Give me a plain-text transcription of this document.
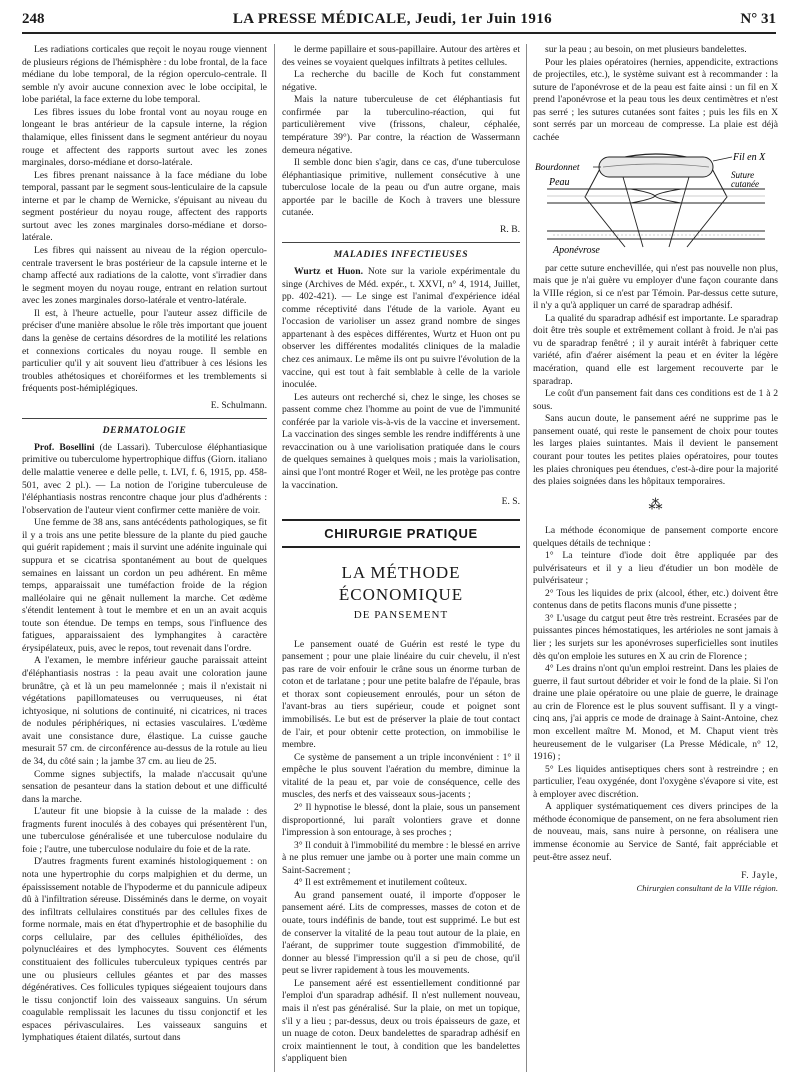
248	LA PRESSE MÉDICALE, Jeudi, 1er Juin 1916	N° 31

Les radiations corticales que reçoit le noyau rouge viennent de plusieurs régions de l'hémisphère : du lobe frontal, de la face médiane du lobe temporal, de la région operculo-centrale. Il semble n'y avoir aucune connexion avec le lobe occipital, le lobe pariétal, la face externe du lobe temporal.

Les fibres issues du lobe frontal vont au noyau rouge en longeant le bras antérieur de la capsule interne, la région thalamique, elles finissent dans le segment antérieur du noyau rouge et affectent des rapports surtout avec les zones marginales, dorso-médiane et dorso-latérale.

Les fibres prenant naissance à la face médiane du lobe temporal, passant par le segment sous-lenticulaire de la capsule interne et par le champ de Wernicke, s'épuisant au niveau du segment postérieur du noyau rouge, affectent des rapports surtout avec les zones marginales dorso-médiane et dorso-latérale.

Les fibres qui naissent au niveau de la région operculo-centrale traversent le bras postérieur de la capsule interne et le champ affecté aux radiations de la calotte, vont s'irradier dans le segment moyen du noyau rouge, entrant en relation surtout avec les zones marginales dorso-latérale et ventro-latérale.

Il est, à l'heure actuelle, pour l'auteur assez difficile de préciser d'une manière absolue le rôle très important que jouent dans la genèse de certains désordres de la motilité les relations et connexions corticales du noyau rouge. Il semble en particulier qu'il y ait souvent lieu d'attribuer à ces lésions les troubles athétosiques et choréiformes et les tremblements si fréquents post-hémiplégiques.

E. Schulmann.
DERMATOLOGIE

Prof. Bosellini (de Lassari). Tuberculose éléphantiasique primitive ou tuberculome hypertrophique diffus (Giorn. italiano delle malattie veneree e delle pelle, t. LVI, f. 6, 1915, pp. 458-501, avec 2 pl.). — La notion de l'origine tuberculeuse de l'éléphantiasis nostras rencontre chaque jour plus d'adhérents : l'observation de l'auteur vient confirmer cette manière de voir.

Une femme de 38 ans, sans antécédents pathologiques, se fit il y a trois ans une petite blessure de la plante du pied gauche qui guérit rapidement ; mais il survint une adénite inguinale qui suppura et se cicatrisa spontanément au bout de quelques semaines en laissant un cordon un peu adhérent. En même temps, apparaissait une tuméfaction froide de la région malléolaire qui ne gênait nullement la marche. Cet œdème s'étendit lentement à tout le membre et en un an avait acquis toute son étendue. De temps en temps, sous l'influence des fatigues, apparaissaient des lymphangites à caractère érysipélateux, puis, avec le repos, tout revenait dans l'ordre.

A l'examen, le membre inférieur gauche paraissait atteint d'éléphantiasis nostras : la peau avait une coloration jaune brunâtre, çà et là un peu mamelonnée ; mais il n'existait ni végétations papillomateuses ou verruqueuses, ni état ichtyosique, ni solutions de continuité, ni cicatrices, ni traces de nodules périphériques, ni ectasies vasculaires. L'œdème avait une consistance dure, élastique. La cuisse gauche mesurait 57 cm. de circonférence au-dessus de la rotule au lieu de 34, du côté sain ; la jambe 37 cm. au lieu de 25.

Comme signes subjectifs, la malade n'accusait qu'une sensation de pesanteur dans la station debout et une difficulté dans la marche.

L'auteur fit une biopsie à la cuisse de la malade : des fragments furent inoculés à des cobayes qui présentèrent l'un, une tuberculose généralisée et une tuberculose nodulaire du foie ; l'autre, une tuberculose nodulaire du foie et de la rate.

D'autres fragments furent examinés histologiquement : on nota une hypertrophie du corps malpighien et du derme, un épaississement notable de l'hypoderme et du pannicule adipeux dû à l'infiltration séreuse. Disséminés dans le derme, on voyait des infiltrats cellulaires constitués par des cellules fixes de forme normale, mais en état d'hypertrophie et de basophilie du corps cellulaire, par des cellules épithélioïdes, des polynucléaires et des lymphocytes. Souvent ces éléments constituaient des follicules tuberculeux typiques centrés par une ou plusieurs cellules géantes et par des masses dégénératives. Ces follicules typiques siégeaient toujours dans le tissu conjonctif loin des vaisseaux sanguins. Un sérum coagulable remplissait les lacunes du tissu conjonctif et les espaces périvasculaires. Les vaisseaux sanguins et lymphatiques étaient dilatés, surtout dans

le derme papillaire et sous-papillaire. Autour des artères et des veines se voyaient quelques infiltrats à petites cellules.

La recherche du bacille de Koch fut constamment négative.

Mais la nature tuberculeuse de cet éléphantiasis fut confirmée par la tuberculino-réaction, qui fut particulièrement vive (frissons, chaleur, céphalée, température 39°). Par contre, la réaction de Wassermann demeura négative.

Il semble donc bien s'agir, dans ce cas, d'une tuberculose éléphantiasique primitive, nullement consécutive à une tuberculose locale de la peau ou d'un autre organe, mais apportée par le bacille de Koch à travers une blessure cutanée.

R. B.
MALADIES INFECTIEUSES

Wurtz et Huon. Note sur la variole expérimentale du singe (Archives de Méd. expér., t. XXVI, n° 4, 1914, Juillet, pp. 402-421). — Le singe est l'animal d'expérience idéal comme réceptivité dans l'étude de la variole. Ayant eu l'occasion de varioliser un assez grand nombre de singes appartenant à des espèces différentes, Wurtz et Huon ont pu observer les différentes modalités cliniques de la maladie chez ces animaux. Le même ils ont pu suivre l'évolution de la vaccine, qui est tout à fait semblable à celle de la variole inoculée.

Les auteurs ont recherché si, chez le singe, les choses se passent comme chez l'homme au point de vue de l'immunité conférée par la variole vis-à-vis de la vaccine et inversement. La vaccination des singes semble les rendre indifférents à une revaccination ou à une variolisation pratiquée dans le cours de quelques semaines à quelques mois ; mais la variolisation, ainsi que l'ont montré Roger et Weil, ne les protège pas contre la vaccination.

E. S.
CHIRURGIE PRATIQUE
LA MÉTHODE ÉCONOMIQUE
DE PANSEMENT

Le pansement ouaté de Guérin est resté le type du pansement ; pour une plaie linéaire du cuir chevelu, il n'est pas rare de voir enfouir le crâne sous un énorme turban de coton et de tarlatane ; pour une petite balafre de l'épaule, bras et thorax sont copieusement enroulés, pour un séton de l'avant-bras au tiers supérieur, coude et poignet sont immobilisés. Le but est de préserver la plaie de tout contact de l'air, et pour obtenir cette protection, on immobilise le membre.

Ce système de pansement a un triple inconvénient : 1° il empêche le plus souvent l'aération du membre, diminue la vitalité de la peau et, par voie de conséquence, celle des muscles, des nerfs et des vaisseaux sous-jacents ;

2° Il hypnotise le blessé, dont la plaie, sous un pansement disproportionné, lui paraît volontiers grave et donne l'impression à son entourage, à ses proches ;

3° Il conduit à l'immobilité du membre : le blessé en arrive à ne plus remuer une jambe ou à porter une main comme un Saint-Sacrement ;

4° Il est extrêmement et inutilement coûteux.

Au grand pansement ouaté, il importe d'opposer le pansement aéré. Lits de compresses, masses de coton et de ouate, tours indéfinis de bande, tout est supprimé. Le but est de conserver la vitalité de la peau tout autour de la plaie, en l'aérant, de supprimer toute suggestion d'immobilité, de donner au blessé l'impression qu'il a si peu de chose, qu'il peut se livrer rapidement à tous les mouvements.

Le pansement aéré est essentiellement conditionné par l'emploi d'un sparadrap adhésif. Il n'est nullement nouveau, mais il n'est pas généralisé. Sur la plaie, on met un topique, s'il y a lieu ; par-dessus, deux ou trois épaisseurs de gaze, et un nuage de coton. Deux bandelettes de sparadrap adhésif en croix maintiennent le tout, à condition que les bandelettes s'appliquent bien

sur la peau ; au besoin, on met plusieurs bandelettes.

Pour les plaies opératoires (hernies, appendicite, extractions de projectiles, etc.), le système suivant est à recommander : la suture de l'aponévrose et de la peau est faite ainsi : un fil en X prend l'aponévrose et la peau tous les deux centimètres et n'est pas serré ; les sutures cutanées sont faites ; puis les fils en X sont serrés par un morceau de compresse. La plaie est déjà cachée

Bourdonnet
Fil en X
Peau
Suture
cutanée
Aponévrose

par cette suture enchevillée, qui n'est pas nouvelle non plus, mais que je n'ai guère vu employer d'une façon courante dans la VIIIe région, si ce n'est par Témoin. Par-dessus cette suture, il n'y a qu'à appliquer un carré de sparadrap adhésif.

La qualité du sparadrap adhésif est importante. Le sparadrap doit être très souple et extrêmement collant à froid. Je n'ai pas vu de sparadrap fenêtré ; il y aurait intérêt à fabriquer cette variété, afin d'aérer aisément la peau et en éviter la légère macération, quand elle est largement recouverte par le sparadrap.

Le coût d'un pansement fait dans ces conditions est de 1 à 2 sous.

Sans aucun doute, le pansement aéré ne supprime pas le pansement ouaté, qui reste le pansement de choix pour toutes les larges plaies suintantes. Mais il devient le pansement courant pour toutes les petites plaies opératoires, pour toutes les plaies chroniques peu étendues, c'est-à-dire pour la majorité des plaies soignées dans les hôpitaux temporaires.

⁂

La méthode économique de pansement comporte encore quelques détails de technique :

1° La teinture d'iode doit être appliquée par des pulvérisateurs et il y a lieu d'étudier un bon modèle de pulvérisateur ;

2° Tous les liquides de prix (alcool, éther, etc.) doivent être contenus dans de petits flacons munis d'une pissette ;

3° L'usage du catgut peut être très restreint. Ecrasées par de puissantes pinces hémostatiques, les artérioles ne sont jamais à lier ; les surjets sur les aponévroses superficielles sont inutiles dès qu'on emploie les sutures en X au crin de Florence ;

4° Les drains n'ont qu'un emploi restreint. Dans les plaies de guerre, il faut surtout débrider et voir le fond de la plaie. Si l'on draine une plaie opératoire ou une plaie de guerre, le drainage au crin de Florence est le plus souvent suffisant. Il y a vingt-cinq ans, j'ai appris ce mode de drainage à Saint-Antoine, chez mon excellent maître M. Monod, et M. Chaput vient très heureusement de le vulgariser (La Presse Médicale, n° 12, 1916) ;

5° Les liquides antiseptiques chers sont à restreindre ; en particulier, l'eau oxygénée, dont l'oxygène s'évapore si vite, est à employer avec discrétion.

A appliquer systématiquement ces divers principes de la méthode économique de pansement, on ne fera absolument rien de nouveau, mais, sans nuire à personne, on réalisera une immense économie au Service de Santé, fait appréciable et peut-être assez neuf.

F. Jayle,
Chirurgien consultant de la VIIIe région.
